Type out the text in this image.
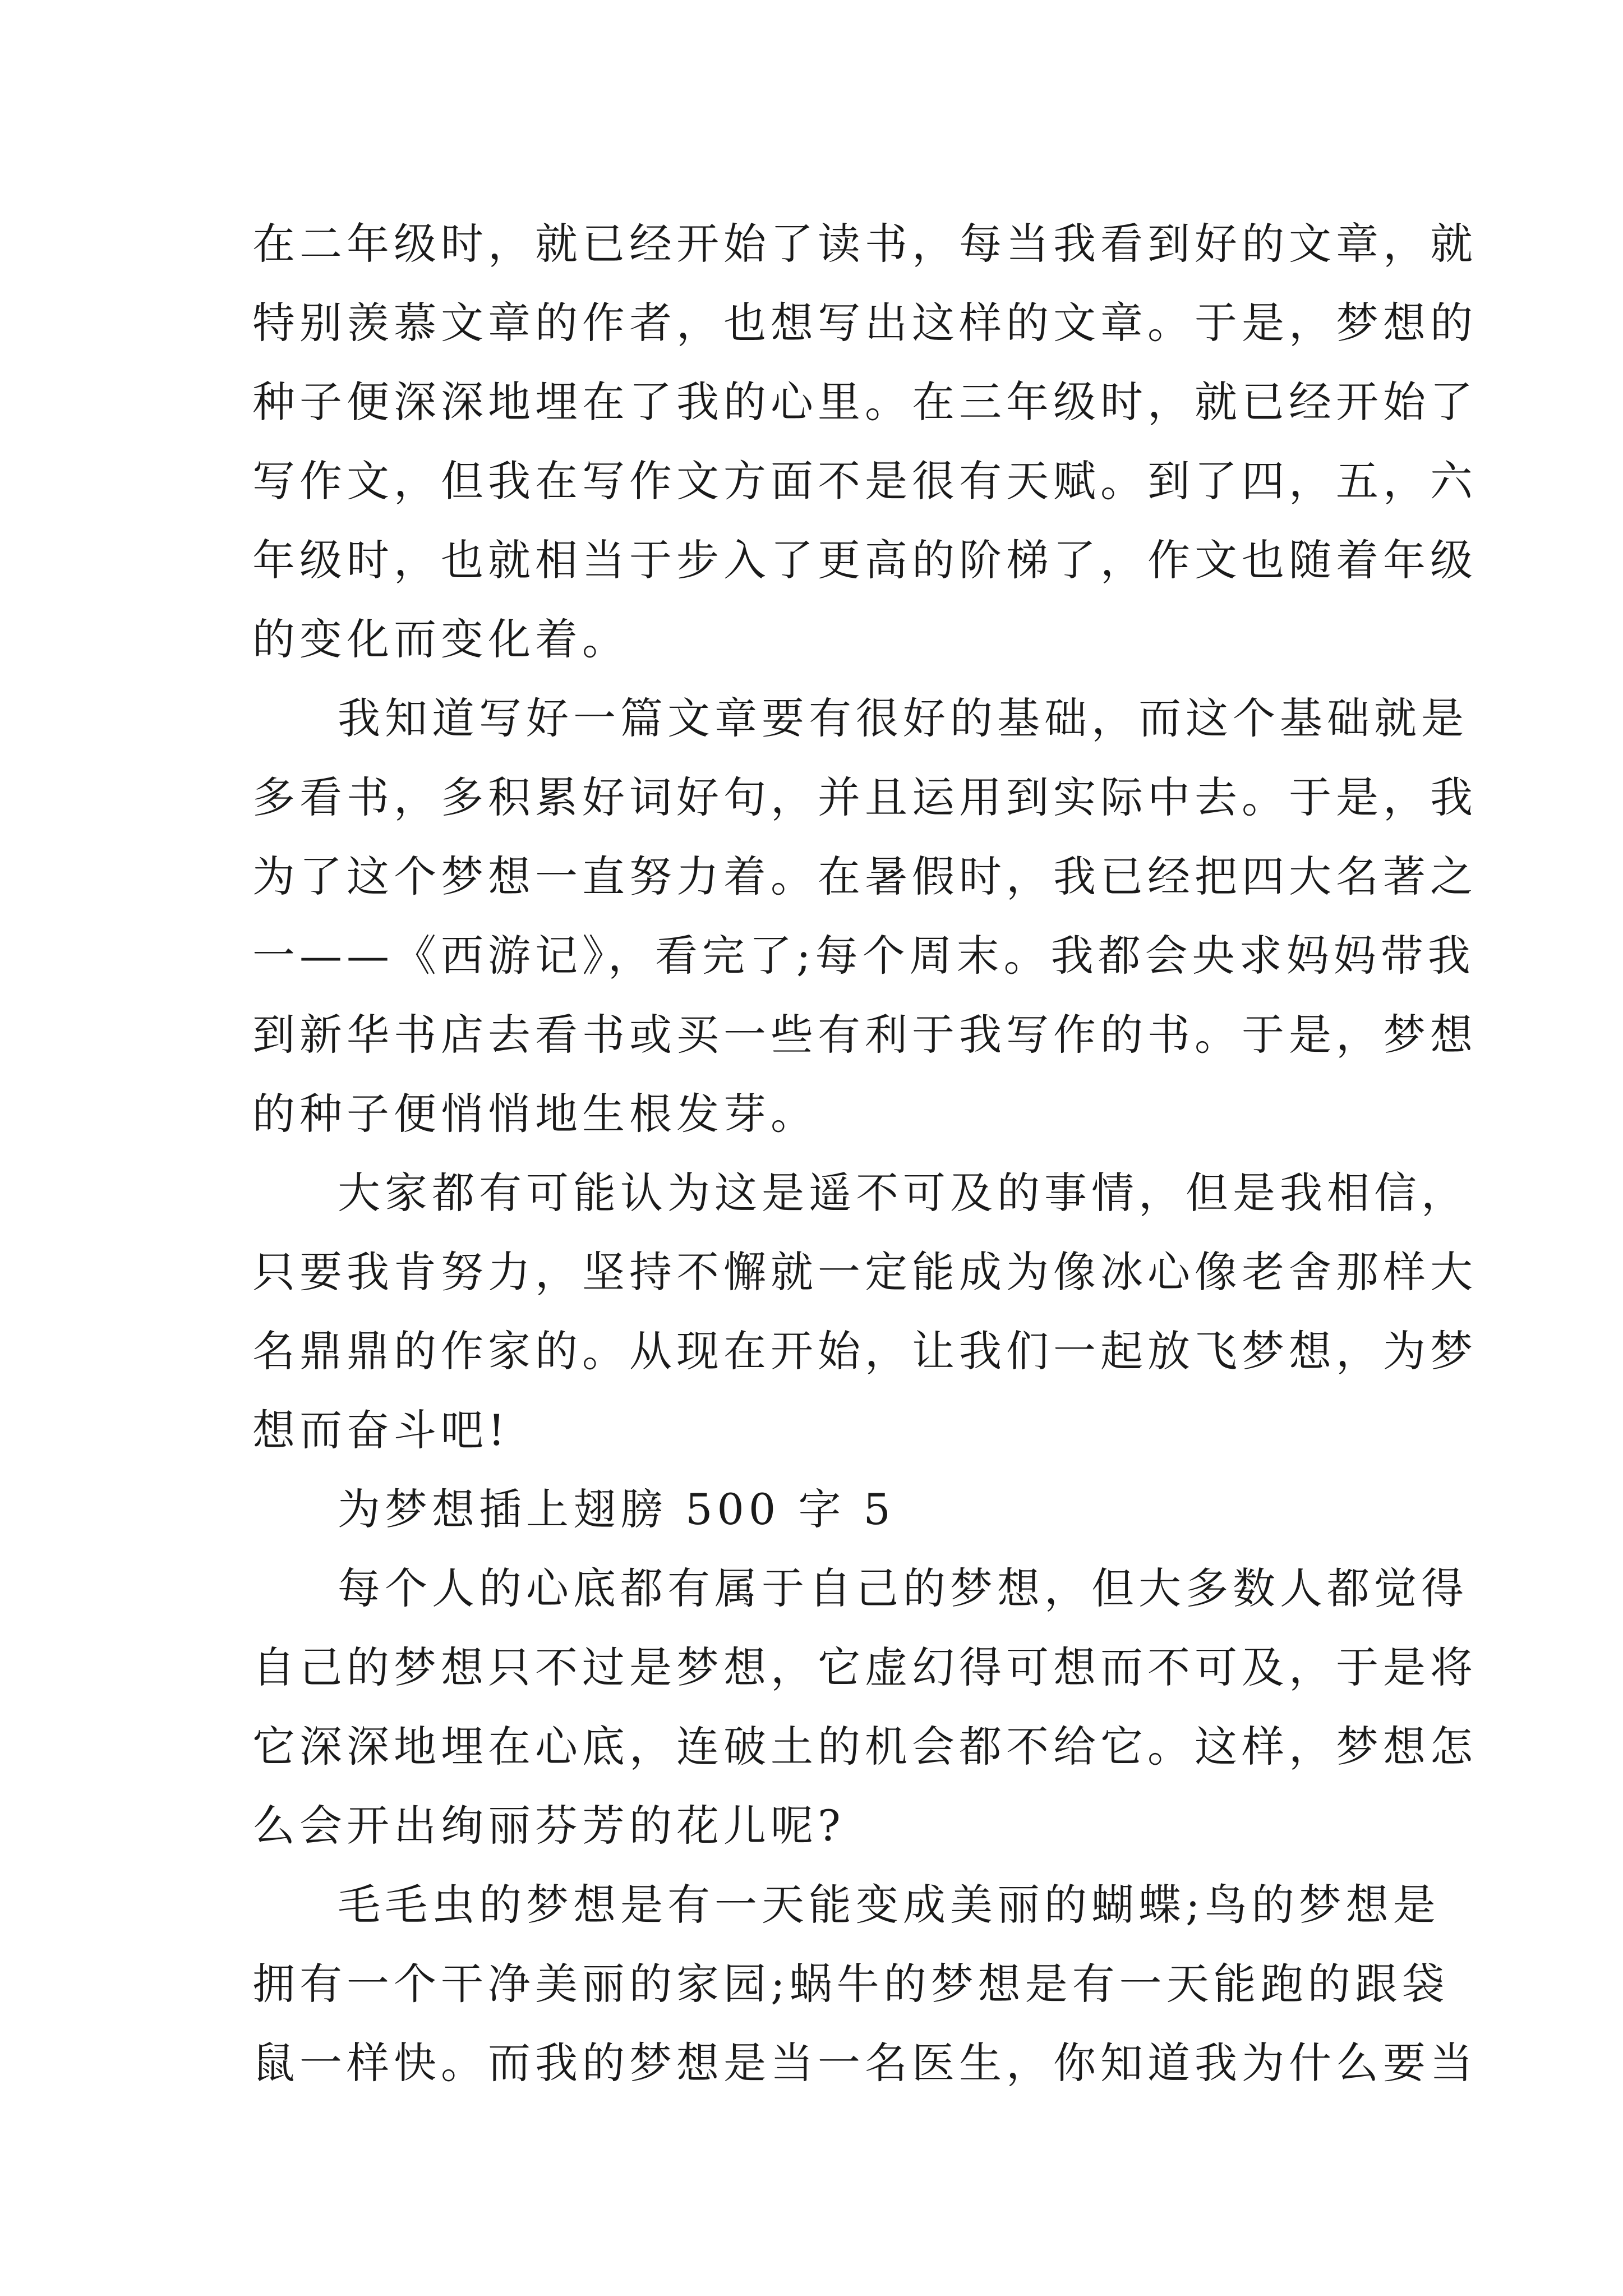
在二年级时，就已经开始了读书，每当我看到好的文章，就
特别羡慕文章的作者，也想写出这样的文章。于是，梦想的
种子便深深地埋在了我的心里。在三年级时，就已经开始了
写作文，但我在写作文方面不是很有天赋。到了四，五，六
年级时，也就相当于步入了更高的阶梯了，作文也随着年级
的变化而变化着。
我知道写好一篇文章要有很好的基础，而这个基础就是
多看书，多积累好词好句，并且运用到实际中去。于是，我
为了这个梦想一直努力着。在暑假时，我已经把四大名著之
一——《西游记》，看完了;每个周末。我都会央求妈妈带我
到新华书店去看书或买一些有利于我写作的书。于是，梦想
的种子便悄悄地生根发芽。
大家都有可能认为这是遥不可及的事情，但是我相信，
只要我肯努力，坚持不懈就一定能成为像冰心像老舍那样大
名鼎鼎的作家的。从现在开始，让我们一起放飞梦想，为梦
想而奋斗吧!
为梦想插上翅膀 500 字 5
每个人的心底都有属于自己的梦想，但大多数人都觉得
自己的梦想只不过是梦想，它虚幻得可想而不可及，于是将
它深深地埋在心底，连破土的机会都不给它。这样，梦想怎
么会开出绚丽芬芳的花儿呢?
毛毛虫的梦想是有一天能变成美丽的蝴蝶;鸟的梦想是
拥有一个干净美丽的家园;蜗牛的梦想是有一天能跑的跟袋
鼠一样快。而我的梦想是当一名医生，你知道我为什么要当
